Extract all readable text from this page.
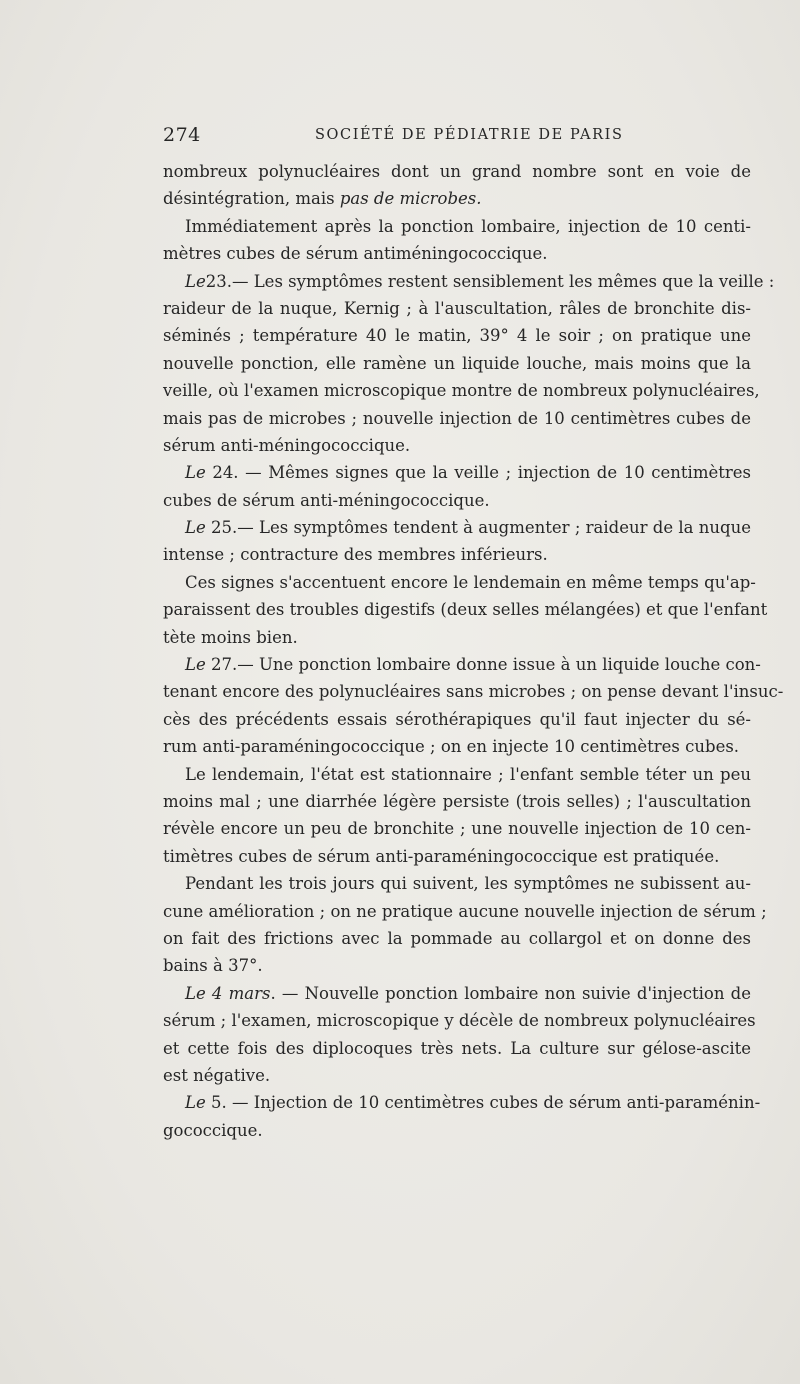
274	SOCIÉTÉ DE PÉDIATRIE DE PARIS
nombreux polynucléaires dont un grand nombre sont en voie de
désintégration, mais pas de microbes.
Immédiatement après la ponction lombaire, injection de 10 centi-
mètres cubes de sérum antiméningococcique.
Le23.— Les symptômes restent sensiblement les mêmes que la veille :
raideur de la nuque, Kernig ; à l'auscultation, râles de bronchite dis-
séminés ; température 40 le matin, 39° 4 le soir ; on pratique une
nouvelle ponction, elle ramène un liquide louche, mais moins que la
veille, où l'examen microscopique montre de nombreux polynucléaires,
mais pas de microbes ; nouvelle injection de 10 centimètres cubes de
sérum anti-méningococcique.
Le 24. — Mêmes signes que la veille ; injection de 10 centimètres
cubes de sérum anti-méningococcique.
Le 25.— Les symptômes tendent à augmenter ; raideur de la nuque
intense ; contracture des membres inférieurs.
Ces signes s'accentuent encore le lendemain en même temps qu'ap-
paraissent des troubles digestifs (deux selles mélangées) et que l'enfant
tète moins bien.
Le 27.— Une ponction lombaire donne issue à un liquide louche con-
tenant encore des polynucléaires sans microbes ; on pense devant l'insuc-
cès des précédents essais sérothérapiques qu'il faut injecter du sé-
rum anti-paraméningococcique ; on en injecte 10 centimètres cubes.
Le lendemain, l'état est stationnaire ; l'enfant semble téter un peu
moins mal ; une diarrhée légère persiste (trois selles) ; l'auscultation
révèle encore un peu de bronchite ; une nouvelle injection de 10 cen-
timètres cubes de sérum anti-paraméningococcique est pratiquée.
Pendant les trois jours qui suivent, les symptômes ne subissent au-
cune amélioration ; on ne pratique aucune nouvelle injection de sérum ;
on fait des frictions avec la pommade au collargol et on donne des
bains à 37°.
Le 4 mars. — Nouvelle ponction lombaire non suivie d'injection de
sérum ; l'examen, microscopique y décèle de nombreux polynucléaires
et cette fois des diplocoques très nets. La culture sur gélose-ascite
est négative.
Le 5. — Injection de 10 centimètres cubes de sérum anti-paraménin-
gococcique.
